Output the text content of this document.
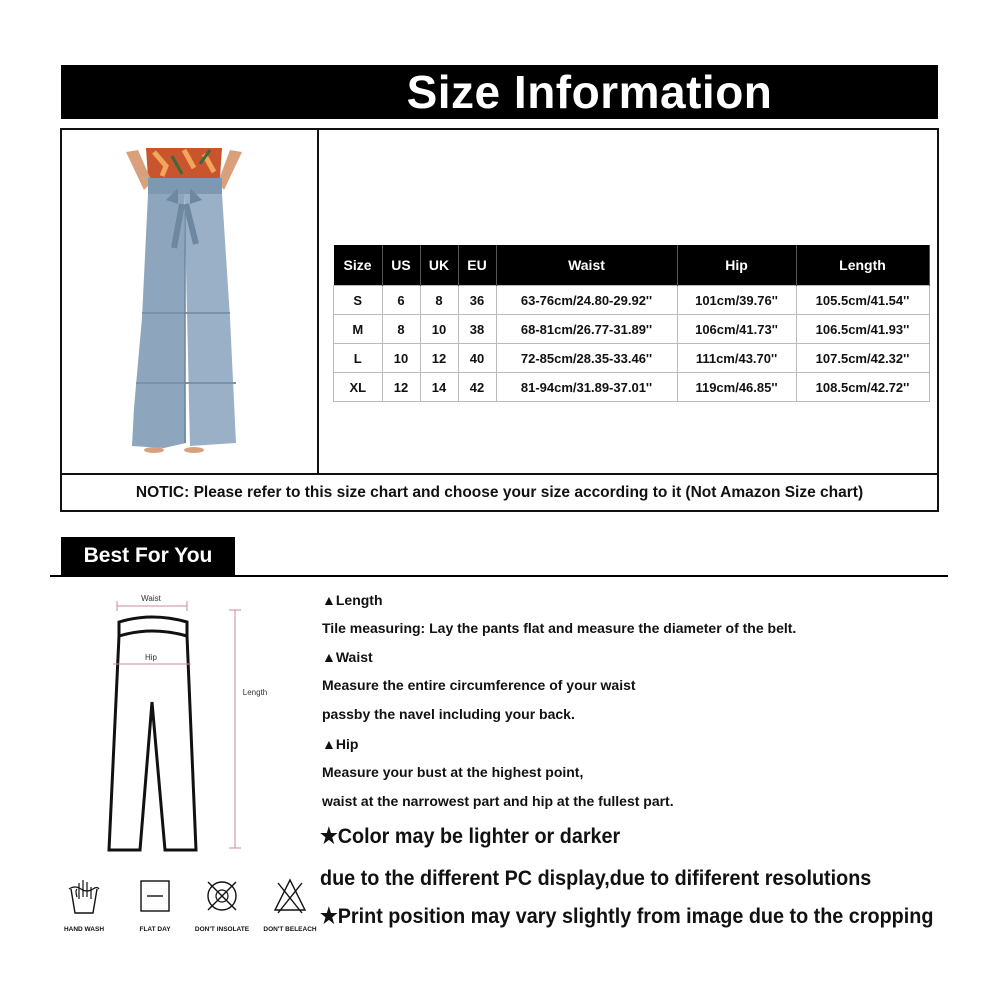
Size Information
NOTIC: Please refer to this size chart and choose your size according to it (Not Amazon Size chart)
Size	US	UK	EU	Waist	Hip	Length
S	6	8	36	63-76cm/24.80-29.92''	101cm/39.76''	105.5cm/41.54''
M	8	10	38	68-81cm/26.77-31.89''	106cm/41.73''	106.5cm/41.93''
L	10	12	40	72-85cm/28.35-33.46''	111cm/43.70''	107.5cm/42.32''
XL	12	14	42	81-94cm/31.89-37.01''	119cm/46.85''	108.5cm/42.72''
Best For You
Waist
Hip
Length
HAND WASH	FLAT DAY	DON'T INSOLATE	DON'T BELEACH
▲Length
Tile measuring: Lay the pants flat and measure the diameter of the belt.
▲Waist
Measure the entire circumference of your waist
passby the navel including your back.
▲Hip
Measure your bust at the highest point,
waist at the narrowest part and hip at the fullest part.
★Color may be lighter or darker
due to the different PC display,due to dififerent resolutions
★Print position may vary slightly from image due to the cropping
